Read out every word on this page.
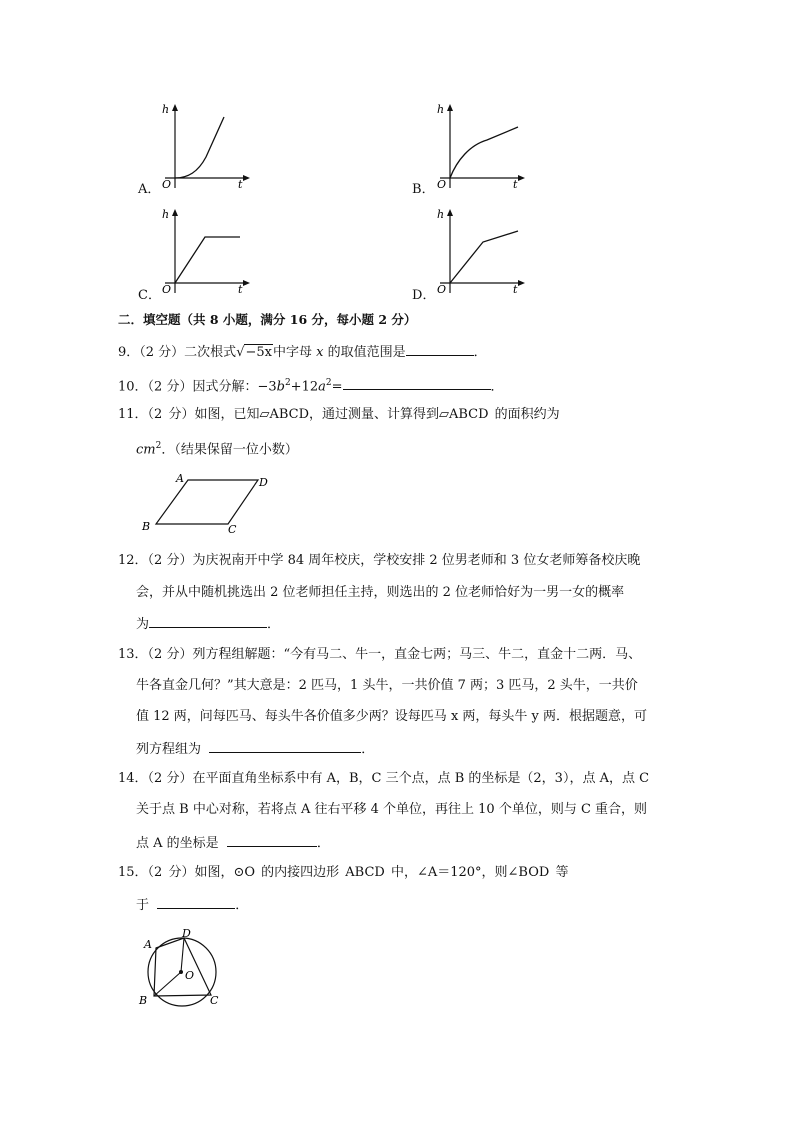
A．
h
t
O	B．
h
t
O
C．
h
t
O	D．
h
t
O
二．填空题（共 8 小题，满分 16 分，每小题 2 分）
9．（2 分）二次根式√−5x中字母 x 的取值范围是	．
10．（2 分）因式分解：$-3b^2+12a^2=$	．
11．（2 分）如图，已知▱ABCD，通过测量、计算得到▱ABCD 的面积约为
$cm^2$．（结果保留一位小数）
A	D
B	C
12．（2 分）为庆祝南开中学 84 周年校庆，学校安排 2 位男老师和 3 位女老师筹备校庆晚
会，并从中随机挑选出 2 位老师担任主持，则选出的 2 位老师恰好为一男一女的概率
为	．
13．（2 分）列方程组解题：“今有马二、牛一，直金七两；马三、牛二，直金十二两．马、
牛各直金几何？”其大意是：2 匹马，1 头牛，一共价值 7 两；3 匹马，2 头牛，一共价
值 12 两，问每匹马、每头牛各价值多少两？设每匹马 x 两，每头牛 y 两．根据题意，可
列方程组为	．
14．（2 分）在平面直角坐标系中有 A，B，C 三个点，点 B 的坐标是（2，3），点 A，点 C
关于点 B 中心对称，若将点 A 往右平移 4 个单位，再往上 10 个单位，则与 C 重合，则
点 A 的坐标是	．
15．（2 分）如图，⊙O 的内接四边形 ABCD 中，∠A＝120°，则∠BOD 等
于	．
A
D
O
B	C
